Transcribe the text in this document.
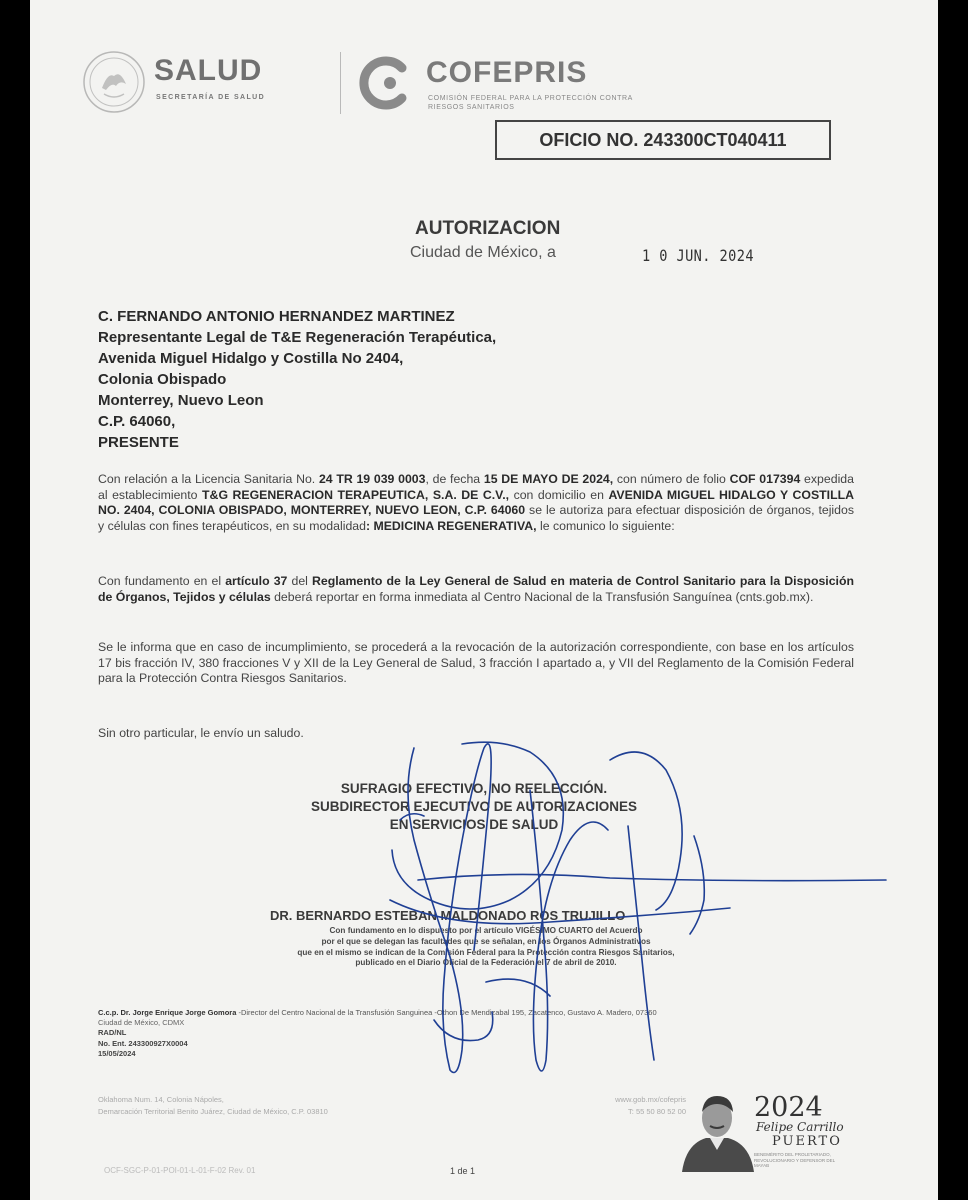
SALUD
SECRETARÍA DE SALUD
COFEPRIS
COMISIÓN FEDERAL PARA LA PROTECCIÓN CONTRA RIESGOS SANITARIOS
OFICIO NO. 243300CT040411
AUTORIZACION
Ciudad de México, a	1 0 JUN. 2024
C. FERNANDO ANTONIO HERNANDEZ MARTINEZ
Representante Legal de T&E Regeneración Terapéutica,
Avenida Miguel Hidalgo y Costilla No 2404,
Colonia Obispado
Monterrey, Nuevo Leon
C.P. 64060,
PRESENTE
Con relación a la Licencia Sanitaria No. 24 TR 19 039 0003, de fecha 15 DE MAYO DE 2024, con número de folio COF 017394 expedida al establecimiento T&G REGENERACION TERAPEUTICA, S.A. DE C.V., con domicilio en AVENIDA MIGUEL HIDALGO Y COSTILLA NO. 2404, COLONIA OBISPADO, MONTERREY, NUEVO LEON, C.P. 64060 se le autoriza para efectuar disposición de órganos, tejidos y células con fines terapéuticos, en su modalidad: MEDICINA REGENERATIVA, le comunico lo siguiente:
Con fundamento en el artículo 37 del Reglamento de la Ley General de Salud en materia de Control Sanitario para la Disposición de Órganos, Tejidos y células deberá reportar en forma inmediata al Centro Nacional de la Transfusión Sanguínea (cnts.gob.mx).
Se le informa que en caso de incumplimiento, se procederá a la revocación de la autorización correspondiente, con base en los artículos 17 bis fracción IV, 380 fracciones V y XII de la Ley General de Salud, 3 fracción I apartado a, y VII del Reglamento de la Comisión Federal para la Protección Contra Riesgos Sanitarios.
Sin otro particular, le envío un saludo.
SUFRAGIO EFECTIVO, NO REELECCIÓN.
SUBDIRECTOR EJECUTIVO DE AUTORIZACIONES
EN SERVICIOS DE SALUD
DR. BERNARDO ESTEBAN MALDONADO ROS TRUJILLO
Con fundamento en lo dispuesto por el artículo VIGÉSIMO CUARTO del Acuerdo
por el que se delegan las facultades que se señalan, en los Órganos Administrativos
que en el mismo se indican de la Comisión Federal para la Protección contra Riesgos Sanitarios,
publicado en el Diario Oficial de la Federación el 7 de abril de 2010.
C.c.p. Dr. Jorge Enrique Jorge Gomora -Director del Centro Nacional de la Transfusión Sanguinea -Othon De Mendizabal 195, Zacatenco, Gustavo A. Madero, 07360
Ciudad de México, CDMX
RAD/NL
No. Ent. 243300927X0004
15/05/2024
Oklahoma Num. 14, Colonia Nápoles,
Demarcación Territorial Benito Juárez, Ciudad de México, C.P. 03810
www.gob.mx/cofepris
T: 55 50 80 52 00	2024
Felipe Carrillo
PUERTO
BENEMÉRITO DEL PROLETARIADO, REVOLUCIONARIO Y DEFENSOR DEL MAYAB
OCF-SGC-P-01-POI-01-L-01-F-02 Rev. 01	1 de 1
